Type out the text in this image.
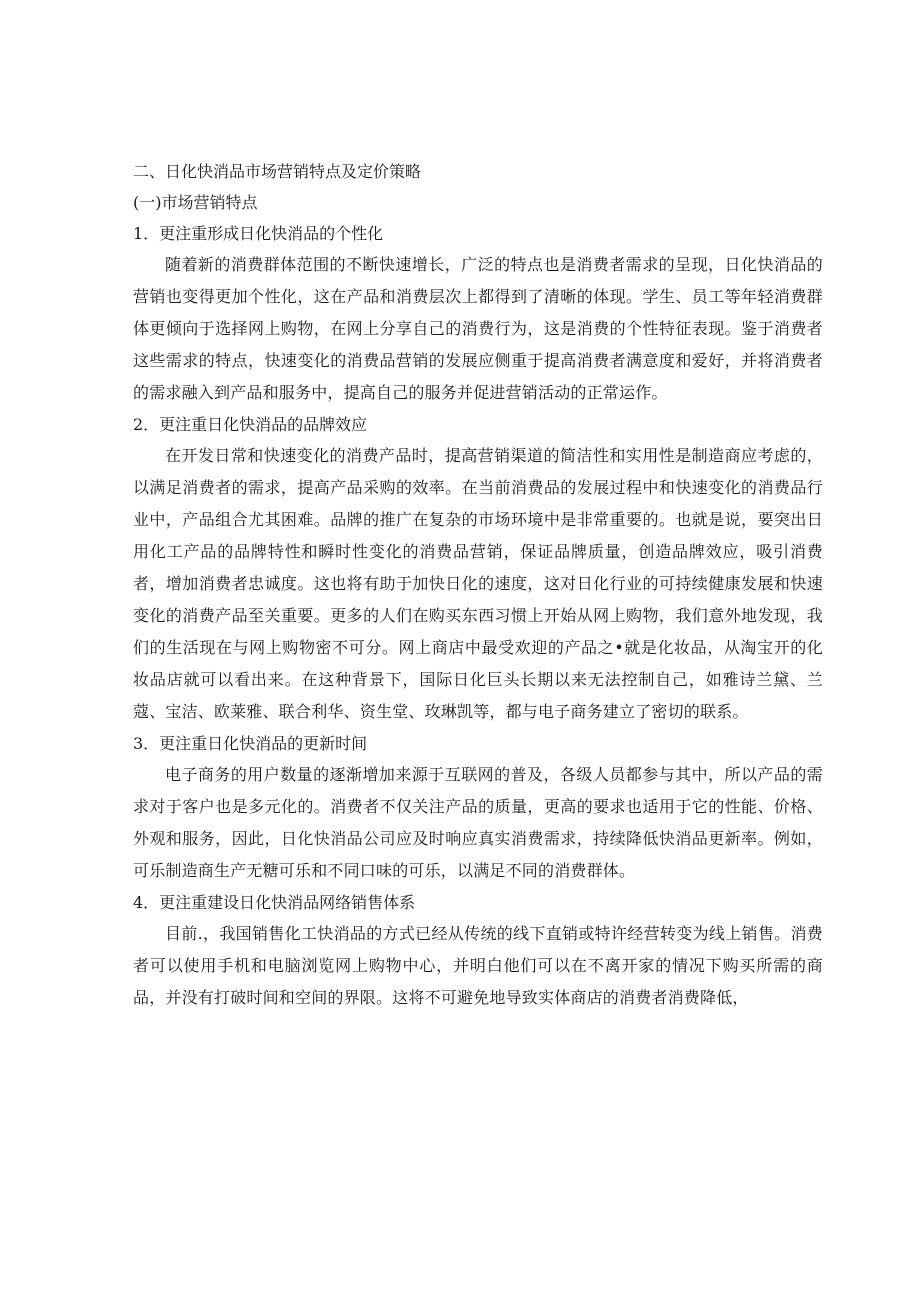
二、日化快消品市场营销特点及定价策略

(一)市场营销特点

1．更注重形成日化快消品的个性化

随着新的消费群体范围的不断快速增长，广泛的特点也是消费者需求的呈现，日化快消品的营销也变得更加个性化，这在产品和消费层次上都得到了清晰的体现。学生、员工等年轻消费群体更倾向于选择网上购物，在网上分享自己的消费行为，这是消费的个性特征表现。鉴于消费者这些需求的特点，快速变化的消费品营销的发展应侧重于提高消费者满意度和爱好，并将消费者的需求融入到产品和服务中，提高自己的服务并促进营销活动的正常运作。

2．更注重日化快消品的品牌效应

在开发日常和快速变化的消费产品时，提高营销渠道的简洁性和实用性是制造商应考虑的，以满足消费者的需求，提高产品采购的效率。在当前消费品的发展过程中和快速变化的消费品行业中，产品组合尤其困难。品牌的推广在复杂的市场环境中是非常重要的。也就是说，要突出日用化工产品的品牌特性和瞬时性变化的消费品营销，保证品牌质量，创造品牌效应，吸引消费者，增加消费者忠诚度。这也将有助于加快日化的速度，这对日化行业的可持续健康发展和快速变化的消费产品至关重要。更多的人们在购买东西习惯上开始从网上购物，我们意外地发现，我们的生活现在与网上购物密不可分。网上商店中最受欢迎的产品之•就是化妆品，从淘宝开的化妆品店就可以看出来。在这种背景下，国际日化巨头长期以来无法控制自己，如雅诗兰黛、兰蔻、宝洁、欧莱雅、联合利华、资生堂、玫琳凯等，都与电子商务建立了密切的联系。

3．更注重日化快消品的更新时间

电子商务的用户数量的逐渐增加来源于互联网的普及，各级人员都参与其中，所以产品的需求对于客户也是多元化的。消费者不仅关注产品的质量，更高的要求也适用于它的性能、价格、外观和服务，因此，日化快消品公司应及时响应真实消费需求，持续降低快消品更新率。例如，可乐制造商生产无糖可乐和不同口味的可乐，以满足不同的消费群体。

4．更注重建设日化快消品网络销售体系

目前.，我国销售化工快消品的方式已经从传统的线下直销或特许经营转变为线上销售。消费者可以使用手机和电脑浏览网上购物中心，并明白他们可以在不离开家的情况下购买所需的商品，并没有打破时间和空间的界限。这将不可避免地导致实体商店的消费者消费降低，
